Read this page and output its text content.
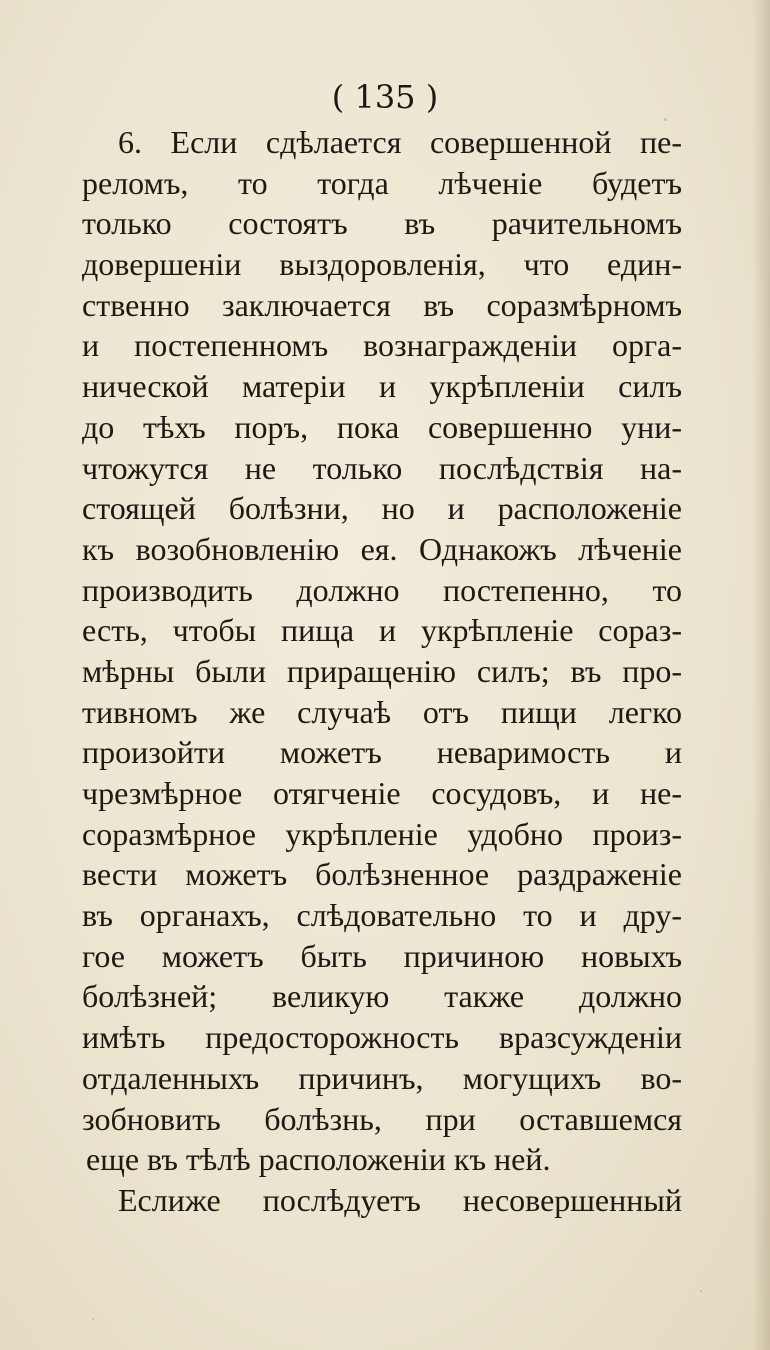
( 135 )
6. Если сдѣлается совершенной пе-
реломъ, то тогда лѣченіе будетъ
только состоятъ въ рачительномъ
довершеніи выздоровленія, что един-
ственно заключается въ соразмѣрномъ
и постепенномъ вознагражденіи орга-
нической матеріи и укрѣпленіи силъ
до тѣхъ поръ, пока совершенно уни-
чтожутся не только послѣдствія на-
стоящей болѣзни, но и расположеніе
къ возобновленію ея. Однакожъ лѣченіе
производить должно постепенно, то
есть, чтобы пища и укрѣпленіе сораз-
мѣрны были приращенію силъ; въ про-
тивномъ же случаѣ отъ пищи легко
произойти можетъ неваримость и
чрезмѣрное отягченіе сосудовъ, и не-
соразмѣрное укрѣпленіе удобно произ-
вести можетъ болѣзненное раздраженіе
въ органахъ, слѣдовательно то и дру-
гое можетъ быть причиною новыхъ
болѣзней; великую также должно
имѣть предосторожность вразсужденіи
отдаленныхъ причинъ, могущихъ во-
зобновить болѣзнь, при оставшемся
еще въ тѣлѣ расположеніи къ ней.
Еслиже послѣдуетъ несовершенный
